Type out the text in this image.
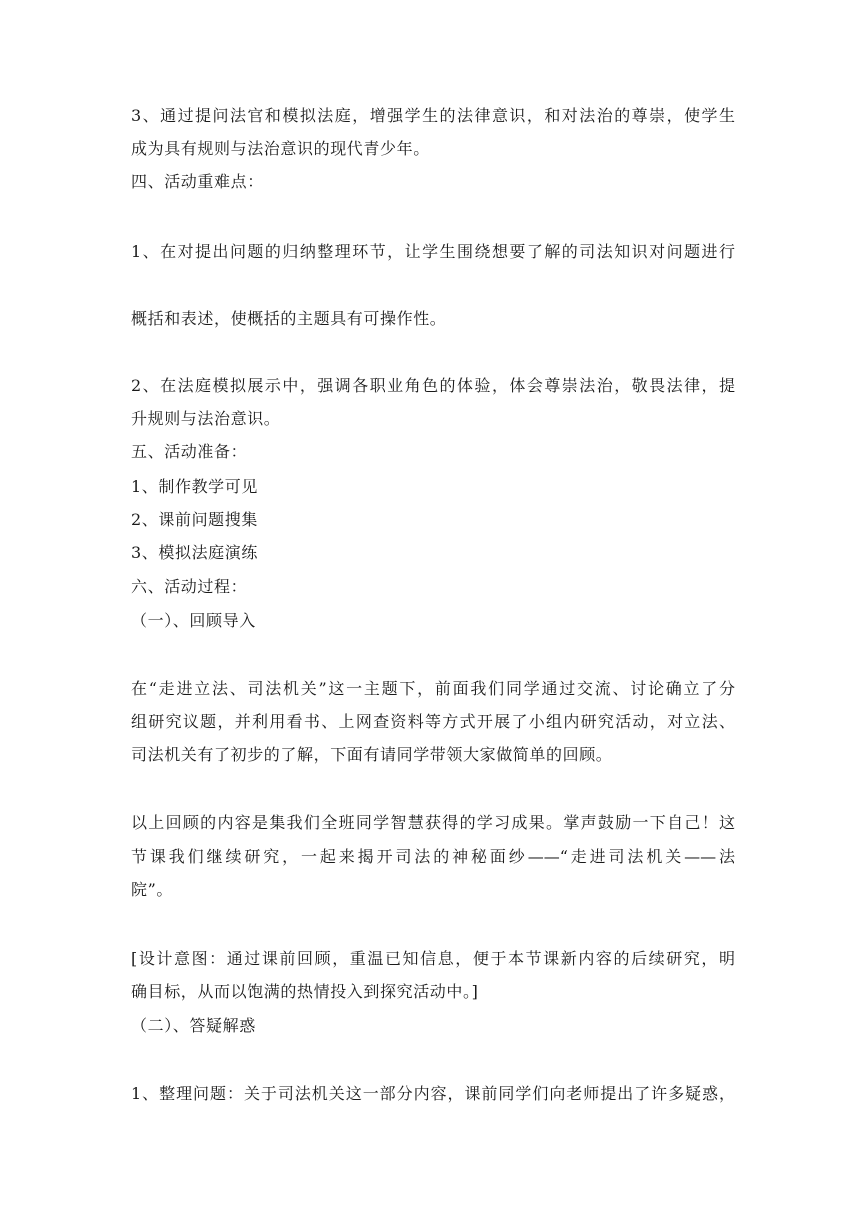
3、通过提问法官和模拟法庭，增强学生的法律意识，和对法治的尊崇，使学生
成为具有规则与法治意识的现代青少年。
四、活动重难点：
1、在对提出问题的归纳整理环节，让学生围绕想要了解的司法知识对问题进行
概括和表述，使概括的主题具有可操作性。
2、在法庭模拟展示中，强调各职业角色的体验，体会尊崇法治，敬畏法律，提
升规则与法治意识。
五、活动准备：
1、制作教学可见
2、课前问题搜集
3、模拟法庭演练
六、活动过程：
（一）、回顾导入
在“走进立法、司法机关”这一主题下，前面我们同学通过交流、讨论确立了分
组研究议题，并利用看书、上网查资料等方式开展了小组内研究活动，对立法、
司法机关有了初步的了解，下面有请同学带领大家做简单的回顾。
以上回顾的内容是集我们全班同学智慧获得的学习成果。掌声鼓励一下自己！这
节课我们继续研究，一起来揭开司法的神秘面纱——“走进司法机关——法
院”。
[设计意图：通过课前回顾，重温已知信息，便于本节课新内容的后续研究，明
确目标，从而以饱满的热情投入到探究活动中。]
（二）、答疑解惑
1、整理问题：关于司法机关这一部分内容，课前同学们向老师提出了许多疑惑，
